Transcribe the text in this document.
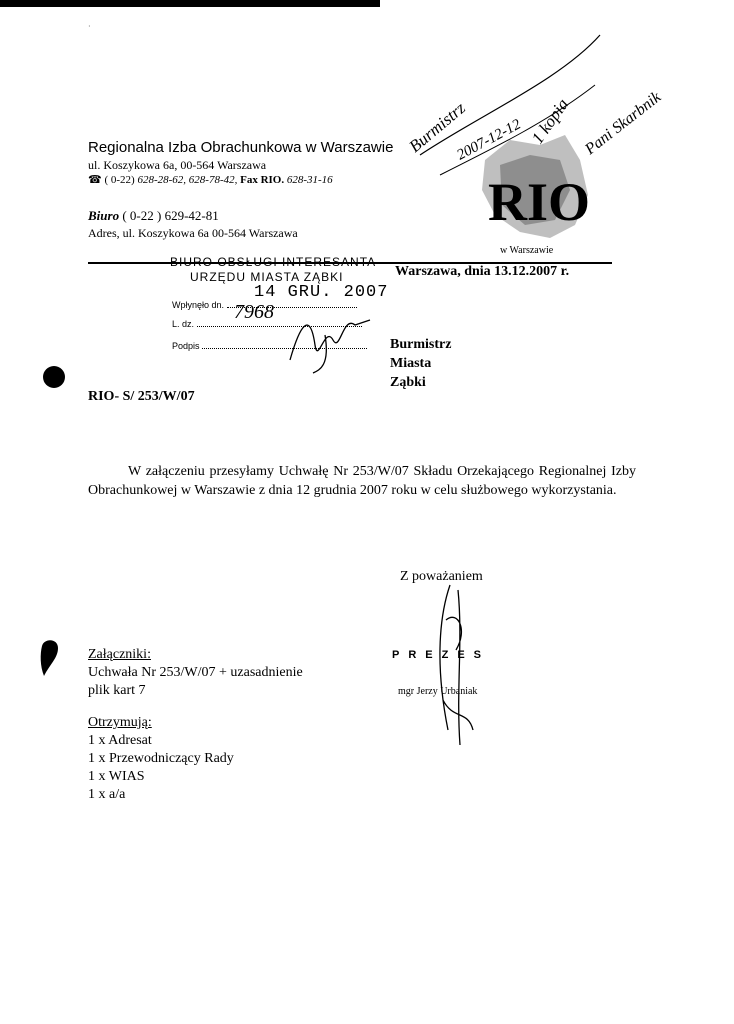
·
Regionalna Izba Obrachunkowa w Warszawie
ul. Koszykowa 6a, 00-564 Warszawa
☎ ( 0-22) 628-28-62, 628-78-42, Fax RIO. 628-31-16
Biuro ( 0-22 ) 629-42-81
Adres, ul. Koszykowa 6a 00-564 Warszawa
RIO
w Warszawie
Burmistrz
2007-12-12 1 kopia Pani Skarbnik
BIURO OBSŁUGI INTERESANTA
URZĘDU MIASTA ZĄBKI
14 GRU. 2007
Wpłynęło dn.
L. dz.
7968
Podpis
Warszawa, dnia 13.12.2007 r.
Burmistrz
Miasta
Ząbki
RIO- S/ 253/W/07
W załączeniu przesyłamy Uchwałę Nr 253/W/07 Składu Orzekającego Regionalnej Izby Obrachunkowej w Warszawie z dnia 12 grudnia 2007 roku w celu służbowego wykorzystania.
Z poważaniem
PREZES
mgr Jerzy Urbaniak
Załączniki:
Uchwała Nr 253/W/07 + uzasadnienie
plik kart 7
Otrzymują:
1 x Adresat
1 x Przewodniczący Rady
1 x WIAS
1 x a/a
